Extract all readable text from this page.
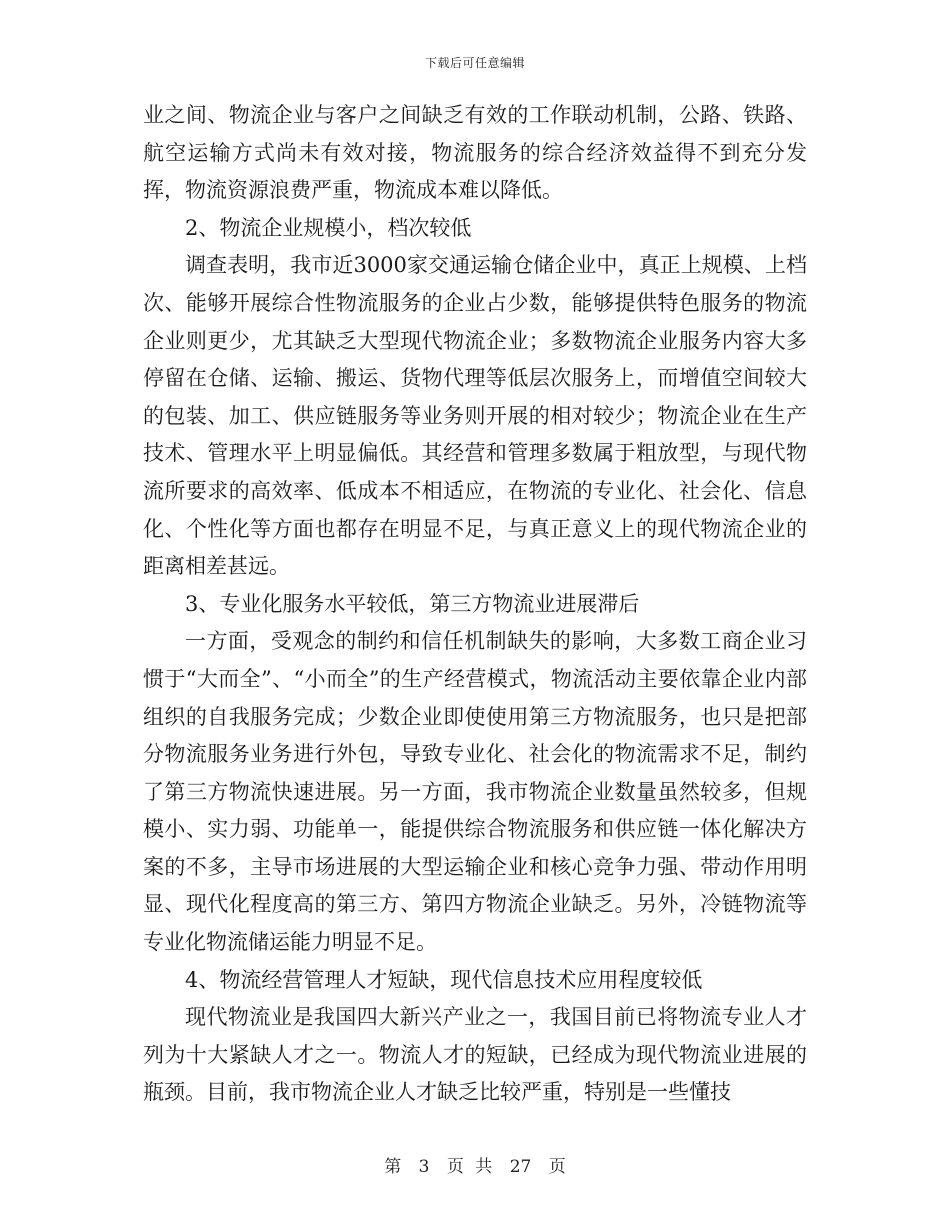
下载后可任意编辑

业之间、物流企业与客户之间缺乏有效的工作联动机制，公路、铁路、航空运输方式尚未有效对接，物流服务的综合经济效益得不到充分发挥，物流资源浪费严重，物流成本难以降低。

2、物流企业规模小，档次较低

调查表明，我市近3000家交通运输仓储企业中，真正上规模、上档次、能够开展综合性物流服务的企业占少数，能够提供特色服务的物流企业则更少，尤其缺乏大型现代物流企业；多数物流企业服务内容大多停留在仓储、运输、搬运、货物代理等低层次服务上，而增值空间较大的包装、加工、供应链服务等业务则开展的相对较少；物流企业在生产技术、管理水平上明显偏低。其经营和管理多数属于粗放型，与现代物流所要求的高效率、低成本不相适应，在物流的专业化、社会化、信息化、个性化等方面也都存在明显不足，与真正意义上的现代物流企业的距离相差甚远。

3、专业化服务水平较低，第三方物流业进展滞后

一方面，受观念的制约和信任机制缺失的影响，大多数工商企业习惯于“大而全”、“小而全”的生产经营模式，物流活动主要依靠企业内部组织的自我服务完成；少数企业即使使用第三方物流服务，也只是把部分物流服务业务进行外包，导致专业化、社会化的物流需求不足，制约了第三方物流快速进展。另一方面，我市物流企业数量虽然较多，但规模小、实力弱、功能单一，能提供综合物流服务和供应链一体化解决方案的不多，主导市场进展的大型运输企业和核心竞争力强、带动作用明显、现代化程度高的第三方、第四方物流企业缺乏。另外，冷链物流等专业化物流储运能力明显不足。

4、物流经营管理人才短缺，现代信息技术应用程度较低

现代物流业是我国四大新兴产业之一，我国目前已将物流专业人才列为十大紧缺人才之一。物流人才的短缺，已经成为现代物流业进展的瓶颈。目前，我市物流企业人才缺乏比较严重，特别是一些懂技

第 3 页 共 27 页
